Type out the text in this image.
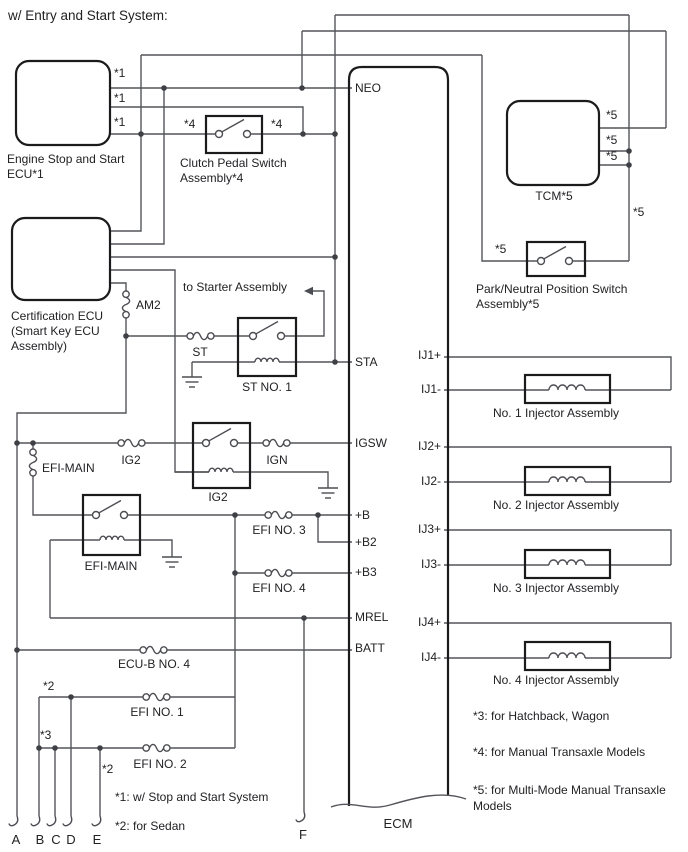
w/ Entry and Start System:
Engine Stop and Start
ECU*1
*1
*1
*1	*4	*4
Clutch Pedal Switch
Assembly*4
Certification ECU
(Smart Key ECU
Assembly)
TCM*5
*5
*5
*5
*5
*5
Park/Neutral Position Switch
Assembly*5
AM2
to Starter Assembly
ST
ST NO. 1
IG2	IGN
IG2
EFI-MAIN
EFI-MAIN
EFI NO. 3
EFI NO. 4
ECU-B NO. 4
EFI NO. 1
EFI NO. 2
*2
*3
*2
NEO
STA
IGSW
+B
+B2
+B3
MREL
BATT
IJ1+
IJ1-
IJ2+
IJ2-
IJ3+
IJ3-
IJ4+
IJ4-
No. 1 Injector Assembly
No. 2 Injector Assembly
No. 3 Injector Assembly
No. 4 Injector Assembly
*1: w/ Stop and Start System
*2: for Sedan
*3: for Hatchback, Wagon
*4: for Manual Transaxle Models
*5: for Multi-Mode Manual Transaxle
Models
A B C D E	F
ECM
